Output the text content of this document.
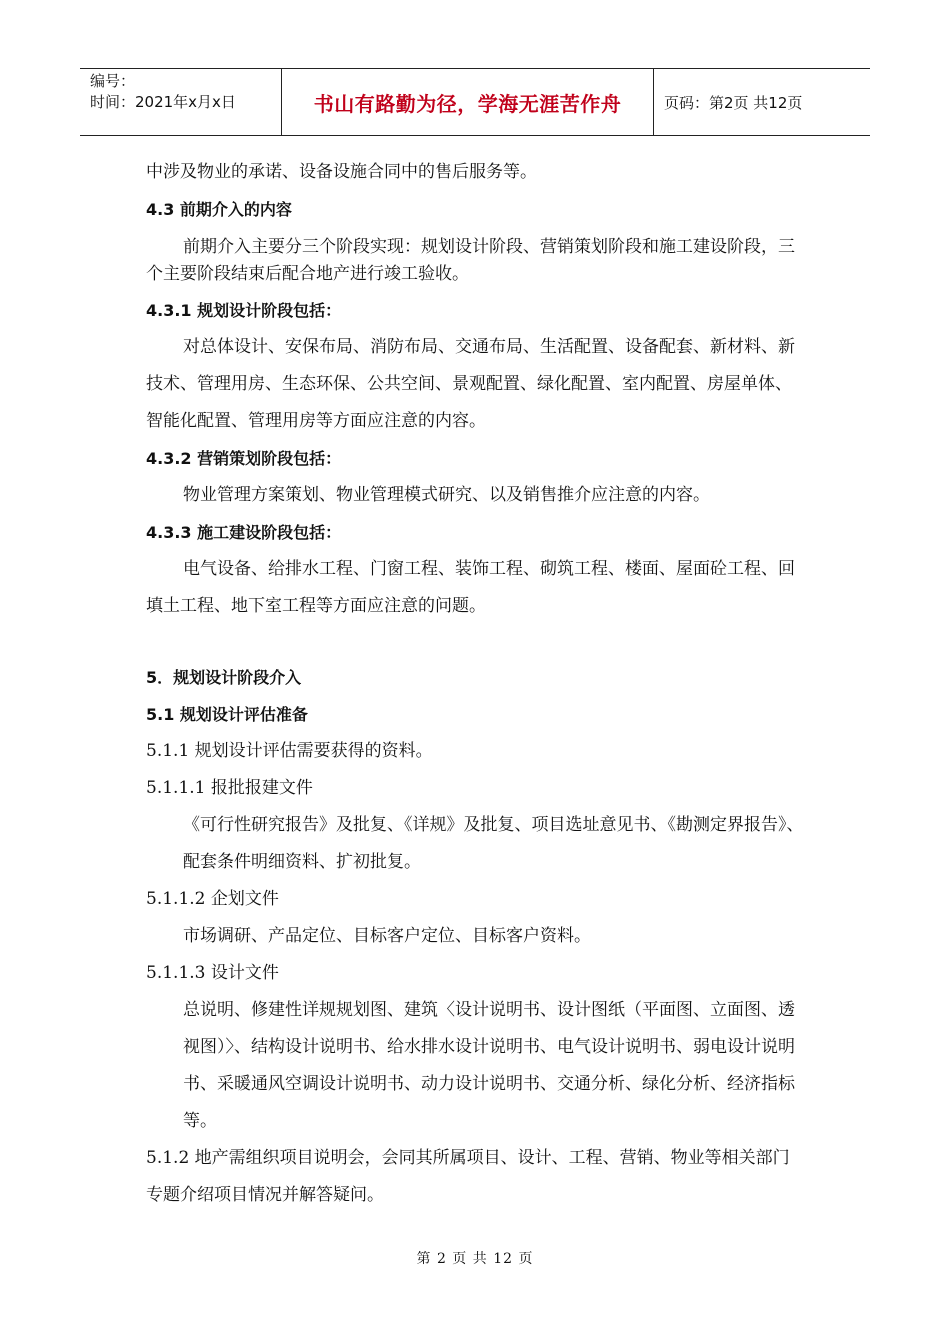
编号：
时间：2021年x月x日	书山有路勤为径，学海无涯苦作舟	页码：第2页 共12页

中涉及物业的承诺、设备设施合同中的售后服务等。

4.3 前期介入的内容

前期介入主要分三个阶段实现：规划设计阶段、营销策划阶段和施工建设阶段，三个主要阶段结束后配合地产进行竣工验收。

4.3.1 规划设计阶段包括：

对总体设计、安保布局、消防布局、交通布局、生活配置、设备配套、新材料、新技术、管理用房、生态环保、公共空间、景观配置、绿化配置、室内配置、房屋单体、智能化配置、管理用房等方面应注意的内容。

4.3.2 营销策划阶段包括：

物业管理方案策划、物业管理模式研究、以及销售推介应注意的内容。

4.3.3 施工建设阶段包括：

电气设备、给排水工程、门窗工程、装饰工程、砌筑工程、楼面、屋面砼工程、回填土工程、地下室工程等方面应注意的问题。

5．规划设计阶段介入

5.1 规划设计评估准备

5.1.1 规划设计评估需要获得的资料。

5.1.1.1 报批报建文件

《可行性研究报告》及批复、《详规》及批复、项目选址意见书、《勘测定界报告》、配套条件明细资料、扩初批复。

5.1.1.2 企划文件

市场调研、产品定位、目标客户定位、目标客户资料。

5.1.1.3 设计文件

总说明、修建性详规规划图、建筑〈设计说明书、设计图纸（平面图、立面图、透视图）〉、结构设计说明书、给水排水设计说明书、电气设计说明书、弱电设计说明书、采暖通风空调设计说明书、动力设计说明书、交通分析、绿化分析、经济指标等。

5.1.2 地产需组织项目说明会，会同其所属项目、设计、工程、营销、物业等相关部门专题介绍项目情况并解答疑问。

第 2 页 共 12 页
